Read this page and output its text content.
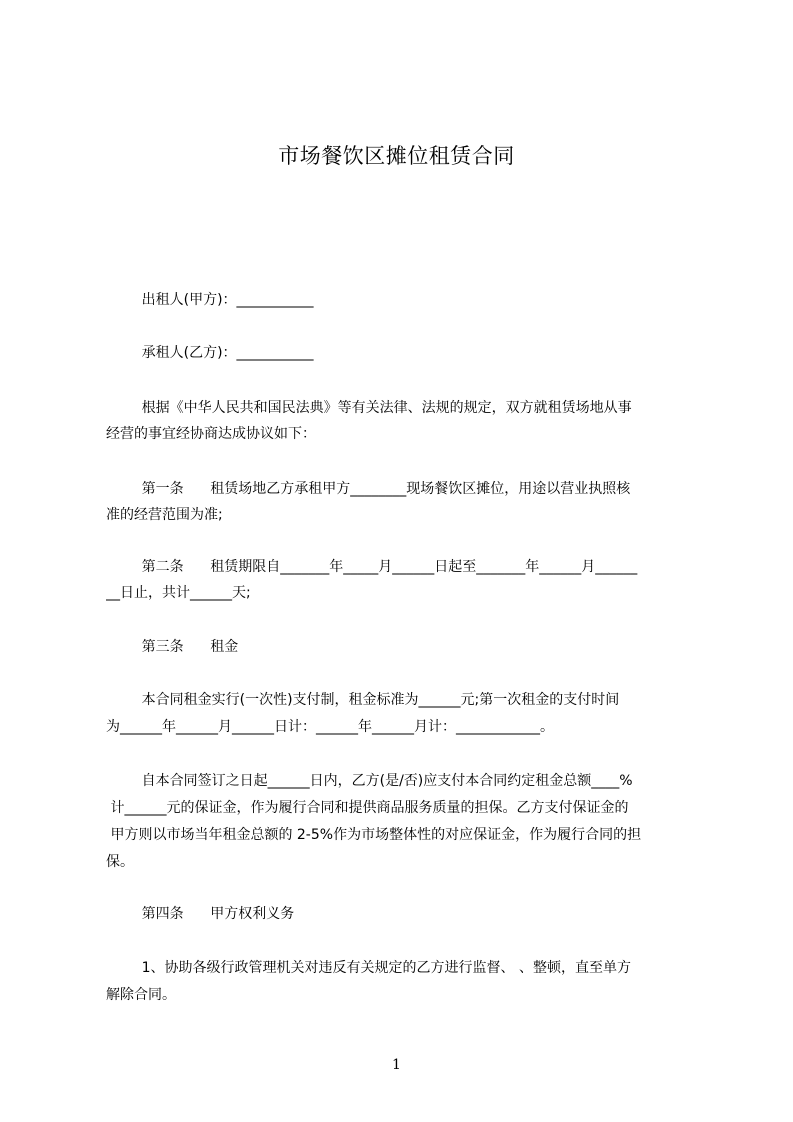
市场餐饮区摊位租赁合同
出租人(甲方)：___________
承租人(乙方)：___________
根据《中华人民共和国民法典》等有关法律、法规的规定，双方就租赁场地从事
经营的事宜经协商达成协议如下：
第一条      租赁场地乙方承租甲方________现场餐饮区摊位，用途以营业执照核
准的经营范围为准;
第二条      租赁期限自_______年_____月______日起至_______年______月______
__日止，共计______天;
第三条      租金
本合同租金实行(一次性)支付制，租金标准为______元;第一次租金的支付时间
为______年______月______日计：______年______月计：____________。
自本合同签订之日起______日内，乙方(是/否)应支付本合同约定租金总额____%
计______元的保证金，作为履行合同和提供商品服务质量的担保。乙方支付保证金的
甲方则以市场当年租金总额的 2-5%作为市场整体性的对应保证金，作为履行合同的担
保。
第四条      甲方权利义务
1、协助各级行政管理机关对违反有关规定的乙方进行监督、 、整顿，直至单方
解除合同。
1
